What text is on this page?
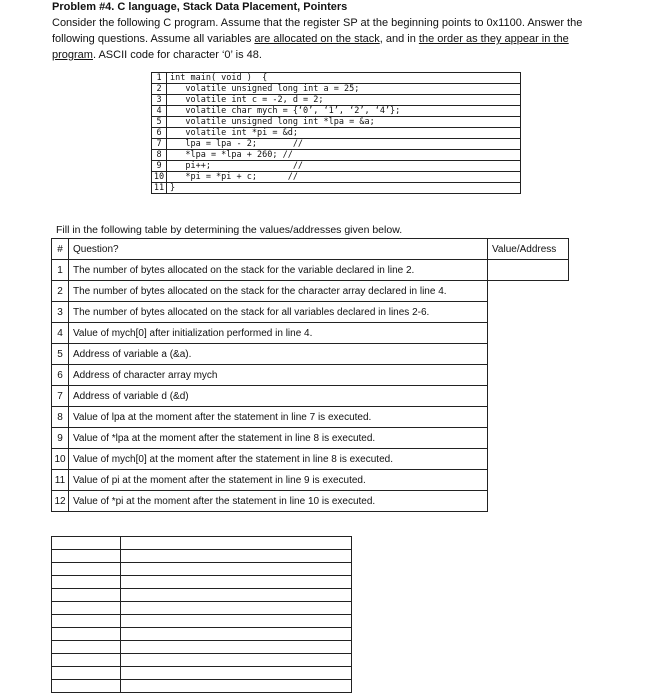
Problem #4. C language, Stack Data Placement, Pointers
Consider the following C program. Assume that the register SP at the beginning points to 0x1100. Answer the following questions. Assume all variables are allocated on the stack, and in the order as they appear in the program. ASCII code for character ‘0’ is 48.
1	int main( void )  {
2	volatile unsigned long int a = 25;
3	volatile int c = -2, d = 2;
4	volatile char mych = {‘0’, ‘1’, ‘2’, ‘4’};
5	volatile unsigned long int *lpa = &a;
6	volatile int *pi = &d;
7	lpa = lpa - 2;       //
8	*lpa = *lpa + 260; //
9	pi++;                //
10	*pi = *pi + c;      //
11	}
Fill in the following table by determining the values/addresses given below.
#	Question?	Value/Address
1	The number of bytes allocated on the stack for the variable declared in line 2.	
2	The number of bytes allocated on the stack for the character array declared in line 4.	
3	The number of bytes allocated on the stack for all variables declared in lines 2-6.	
4	Value of mych[0] after initialization performed in line 4.	
5	Address of variable a (&a).	
6	Address of character array mych	
7	Address of variable d (&d)	
8	Value of lpa at the moment after the statement in line 7 is executed.	
9	Value of *lpa at the moment after the statement in line 8 is executed.	
10	Value of mych[0] at the moment after the statement in line 8 is executed.	
11	Value of pi at the moment after the statement in line 9 is executed.	
12	Value of *pi at the moment after the statement in line 10 is executed.	
